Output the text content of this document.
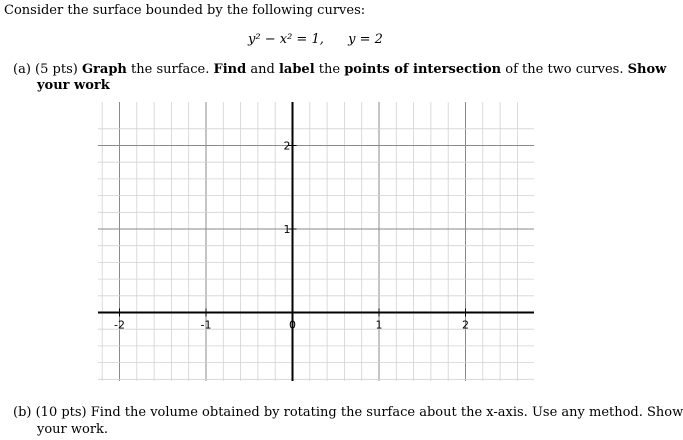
Consider the surface bounded by the following curves:
y² − x² = 1, y = 2
(a) (5 pts) Graph the surface. Find and label the points of intersection of the two curves. Show
your work
-2	-1	0	1	2
1
2
(b) (10 pts) Find the volume obtained by rotating the surface about the x-axis. Use any method. Show
your work.
